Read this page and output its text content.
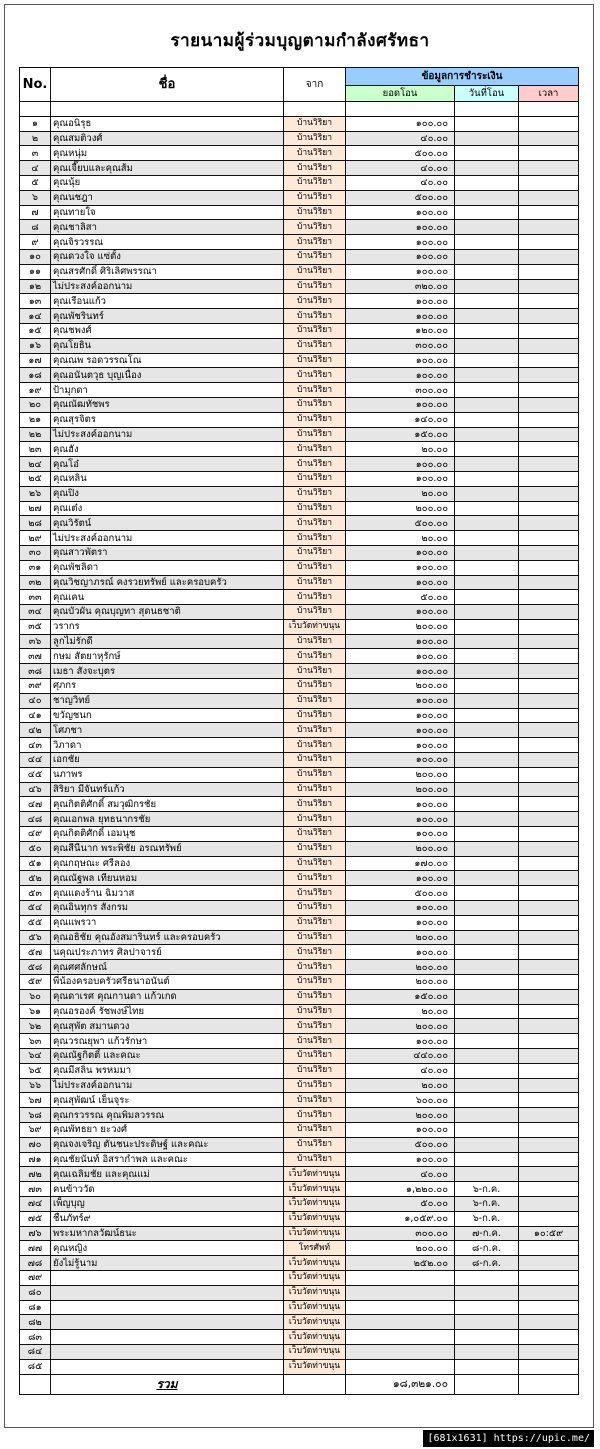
รายนามผู้ร่วมบุญตามกำลังศรัทธา
No.	ชื่อ	จาก	ข้อมูลการชำระเงิน		
			ยอดโอน	วันที่โอน	เวลา

๑	คุณอนิรุธ	บ้านวิริยา	๑๐๐.๐๐		
๒	คุณสมติวงศ์	บ้านวิริยา	๔๐.๐๐		
๓	คุณหนุ่ม	บ้านวิริยา	๕๐๐.๐๐		
๔	คุณเจี๊ยบและคุณส้ม	บ้านวิริยา	๔๐.๐๐		
๕	คุณนุ้ย	บ้านวิริยา	๔๐.๐๐		
๖	คุณนชฎา	บ้านวิริยา	๕๐๐.๐๐		
๗	คุณทายใจ	บ้านวิริยา	๑๐๐.๐๐		
๘	คุณชาลิสา	บ้านวิริยา	๑๐๐.๐๐		
๙	คุณจิรวรรณ	บ้านวิริยา	๑๐๐.๐๐		
๑๐	คุณดวงใจ แซ่ตั้ง	บ้านวิริยา	๑๐๐.๐๐		
๑๑	คุณสรศักดิ์ ศิริเลิศพรรณา	บ้านวิริยา	๑๐๐.๐๐		
๑๒	ไม่ประสงค์ออกนาม	บ้านวิริยา	๓๒๐.๐๐		
๑๓	คุณเรือนแก้ว	บ้านวิริยา	๑๐๐.๐๐		
๑๔	คุณพัชรินทร์	บ้านวิริยา	๑๐๐.๐๐		
๑๕	คุณชพงศ์	บ้านวิริยา	๑๒๐.๐๐		
๑๖	คุณโยธิน	บ้านวิริยา	๓๐๐.๐๐		
๑๗	คุณณพ รอดวรรณโณ	บ้านวิริยา	๑๐๐.๐๐		
๑๘	คุณอนันตวุธ บุญเนื่อง	บ้านวิริยา	๑๐๐.๐๐		
๑๙	ป้ามุกดา	บ้านวิริยา	๓๐๐.๐๐		
๒๐	คุณณัฒทัชพร	บ้านวิริยา	๑๐๐.๐๐		
๒๑	คุณสุรจิตร	บ้านวิริยา	๑๔๐.๐๐		
๒๒	ไม่ประสงค์ออกนาม	บ้านวิริยา	๑๕๐.๐๐		
๒๓	คุณฮัง	บ้านวิริยา	๒๐.๐๐		
๒๔	คุณโอ๋	บ้านวิริยา	๑๐๐.๐๐		
๒๕	คุณหลิน	บ้านวิริยา	๑๐๐.๐๐		
๒๖	คุณปิง	บ้านวิริยา	๒๐.๐๐		
๒๗	คุณเต๋ง	บ้านวิริยา	๒๐๐.๐๐		
๒๘	คุณวิรัตน์	บ้านวิริยา	๕๐๐.๐๐		
๒๙	ไม่ประสงค์ออกนาม	บ้านวิริยา	๒๐.๐๐		
๓๐	คุณสาวพัตรา	บ้านวิริยา	๑๐๐.๐๐		
๓๑	คุณพัชลิดา	บ้านวิริยา	๑๐๐.๐๐		
๓๒	คุณวิชญาภรณ์ คงรวยทรัพย์ และครอบครัว	บ้านวิริยา	๑๐๐.๐๐		
๓๓	คุณเคน	บ้านวิริยา	๕๐.๐๐		
๓๔	คุณบัวผัน คุณบุญทา สุดนธชาติ	บ้านวิริยา	๑๐๐.๐๐		
๓๕	วรากร	เว็บวัดท่าขนุน	๒๐๐.๐๐		
๓๖	ลูกไม่รักดี	บ้านวิริยา	๑๐๐.๐๐		
๓๗	กษม สัตยาหุรักษ์	บ้านวิริยา	๑๐๐.๐๐		
๓๘	เมธา สังจะบุตร	บ้านวิริยา	๑๐๐.๐๐		
๓๙	ศุภกร	บ้านวิริยา	๒๐๐.๐๐		
๔๐	ชาญวิทย์	บ้านวิริยา	๑๐๐.๐๐		
๔๑	ขวัญชนก	บ้านวิริยา	๑๐๐.๐๐		
๔๒	โศภชา	บ้านวิริยา	๑๐๐.๐๐		
๔๓	วิภาดา	บ้านวิริยา	๑๐๐.๐๐		
๔๔	เอกชัย	บ้านวิริยา	๑๐๐.๐๐		
๔๕	นภาพร	บ้านวิริยา	๒๐๐.๐๐		
๔๖	สิริยา มีจันทร์แก้ว	บ้านวิริยา	๒๐๐.๐๐		
๔๗	คุณกิตติศักดิ์ สมวุฒิกรชัย	บ้านวิริยา	๑๐๐.๐๐		
๔๘	คุณเอกพล ยุทธนากรชัย	บ้านวิริยา	๑๐๐.๐๐		
๔๙	คุณกิตติศักดิ์ เอมนุช	บ้านวิริยา	๑๐๐.๐๐		
๕๐	คุณสีนีนาก พระพิชัย อรณทรัพย์	บ้านวิริยา	๒๐๐.๐๐		
๕๑	คุณกฤษณะ ศรีลอง	บ้านวิริยา	๑๗๐.๐๐		
๕๒	คุณณัฐพล เทียนหอม	บ้านวิริยา	๑๐๐.๐๐		
๕๓	คุณแดงร้าน ฉิมวาส	บ้านวิริยา	๕๐๐.๐๐		
๕๔	คุณอินทุกร สังกรม	บ้านวิริยา	๑๐๐.๐๐		
๕๕	คุณแพรวา	บ้านวิริยา	๑๐๐.๐๐		
๕๖	คุณอธิชัย คุณอังสมารินทร์ และครอบครัว	บ้านวิริยา	๒๐๐.๐๐		
๕๗	นคุณประภาทร ศิลปาจารย์	บ้านวิริยา	๑๐๐.๐๐		
๕๘	คุณศศลักษณ์	บ้านวิริยา	๒๐๐.๐๐		
๕๙	พี่น้องครอบครัวศรีธนาอนันต์	บ้านวิริยา	๒๐๐.๐๐		
๖๐	คุณดาเรศ คุณกานดา แก้วเกด	บ้านวิริยา	๑๕๐.๐๐		
๖๑	คุณอรองค์ รัชพงษ์ไทย	บ้านวิริยา	๒๐.๐๐		
๖๒	คุณสุพัต สมานดวง	บ้านวิริยา	๒๐๐.๐๐		
๖๓	คุณวรณยุพา แก้วรักษา	บ้านวิริยา	๑๐๐.๐๐		
๖๔	คุณณัฐกิตติ์ และคณะ	บ้านวิริยา	๔๔๐.๐๐		
๖๕	คุณมีสลิ่น พรหมมา	บ้านวิริยา	๔๐.๐๐		
๖๖	ไม่ประสงค์ออกนาม	บ้านวิริยา	๒๐.๐๐		
๖๗	คุณสุพัฒน์ เย็นจุระ	บ้านวิริยา	๖๐๐.๐๐		
๖๘	คุณกรวรรณ คุณพิมลวรรณ	บ้านวิริยา	๒๐๐.๐๐		
๖๙	คุณพัทธยา ยะวงศ์	บ้านวิริยา	๑๐๐.๐๐		
๗๐	คุณจงเจริญ ตันชนะประดิษฐ์ และคณะ	บ้านวิริยา	๕๐๐.๐๐		
๗๑	คุณชัยนันท์ อิสรากำพล และคณะ	บ้านวิริยา	๑๐๐.๐๐		
๗๒	คุณเฉลิมชัย และคุณแม่	เว็บวัดท่าขนุน	๔๐.๐๐		
๗๓	คนข้าววัด	เว็บวัดท่าขนุน	๑,๒๒๐.๐๐	๖-ก.ค.	
๗๔	เพ็ญบุญ	เว็บวัดท่าขนุน	๕๐.๐๐	๖-ก.ค.	
๗๕	ชื่นภัทร์๙	เว็บวัดท่าขนุน	๑,๐๕๙.๐๐	๖-ก.ค.	
๗๖	พระมหากลวัฒน์ธนะ	เว็บวัดท่าขนุน	๓๐๐.๐๐	๗-ก.ค.	๑๐:๕๙
๗๗	คุณหญิง	โทรศัพท์	๒๐๐.๐๐	๘-ก.ค.	
๗๘	ยังไม่รู้นาม	เว็บวัดท่าขนุน	๒๕๒.๐๐	๘-ก.ค.	
๗๙		เว็บวัดท่าขนุน			
๘๐		เว็บวัดท่าขนุน			
๘๑		เว็บวัดท่าขนุน			
๘๒		เว็บวัดท่าขนุน			
๘๓		เว็บวัดท่าขนุน			
๘๔		เว็บวัดท่าขนุน			
๘๕		เว็บวัดท่าขนุน			
	รวม		๑๘,๓๒๑.๐๐		
[681x1631] https://upic.me/
